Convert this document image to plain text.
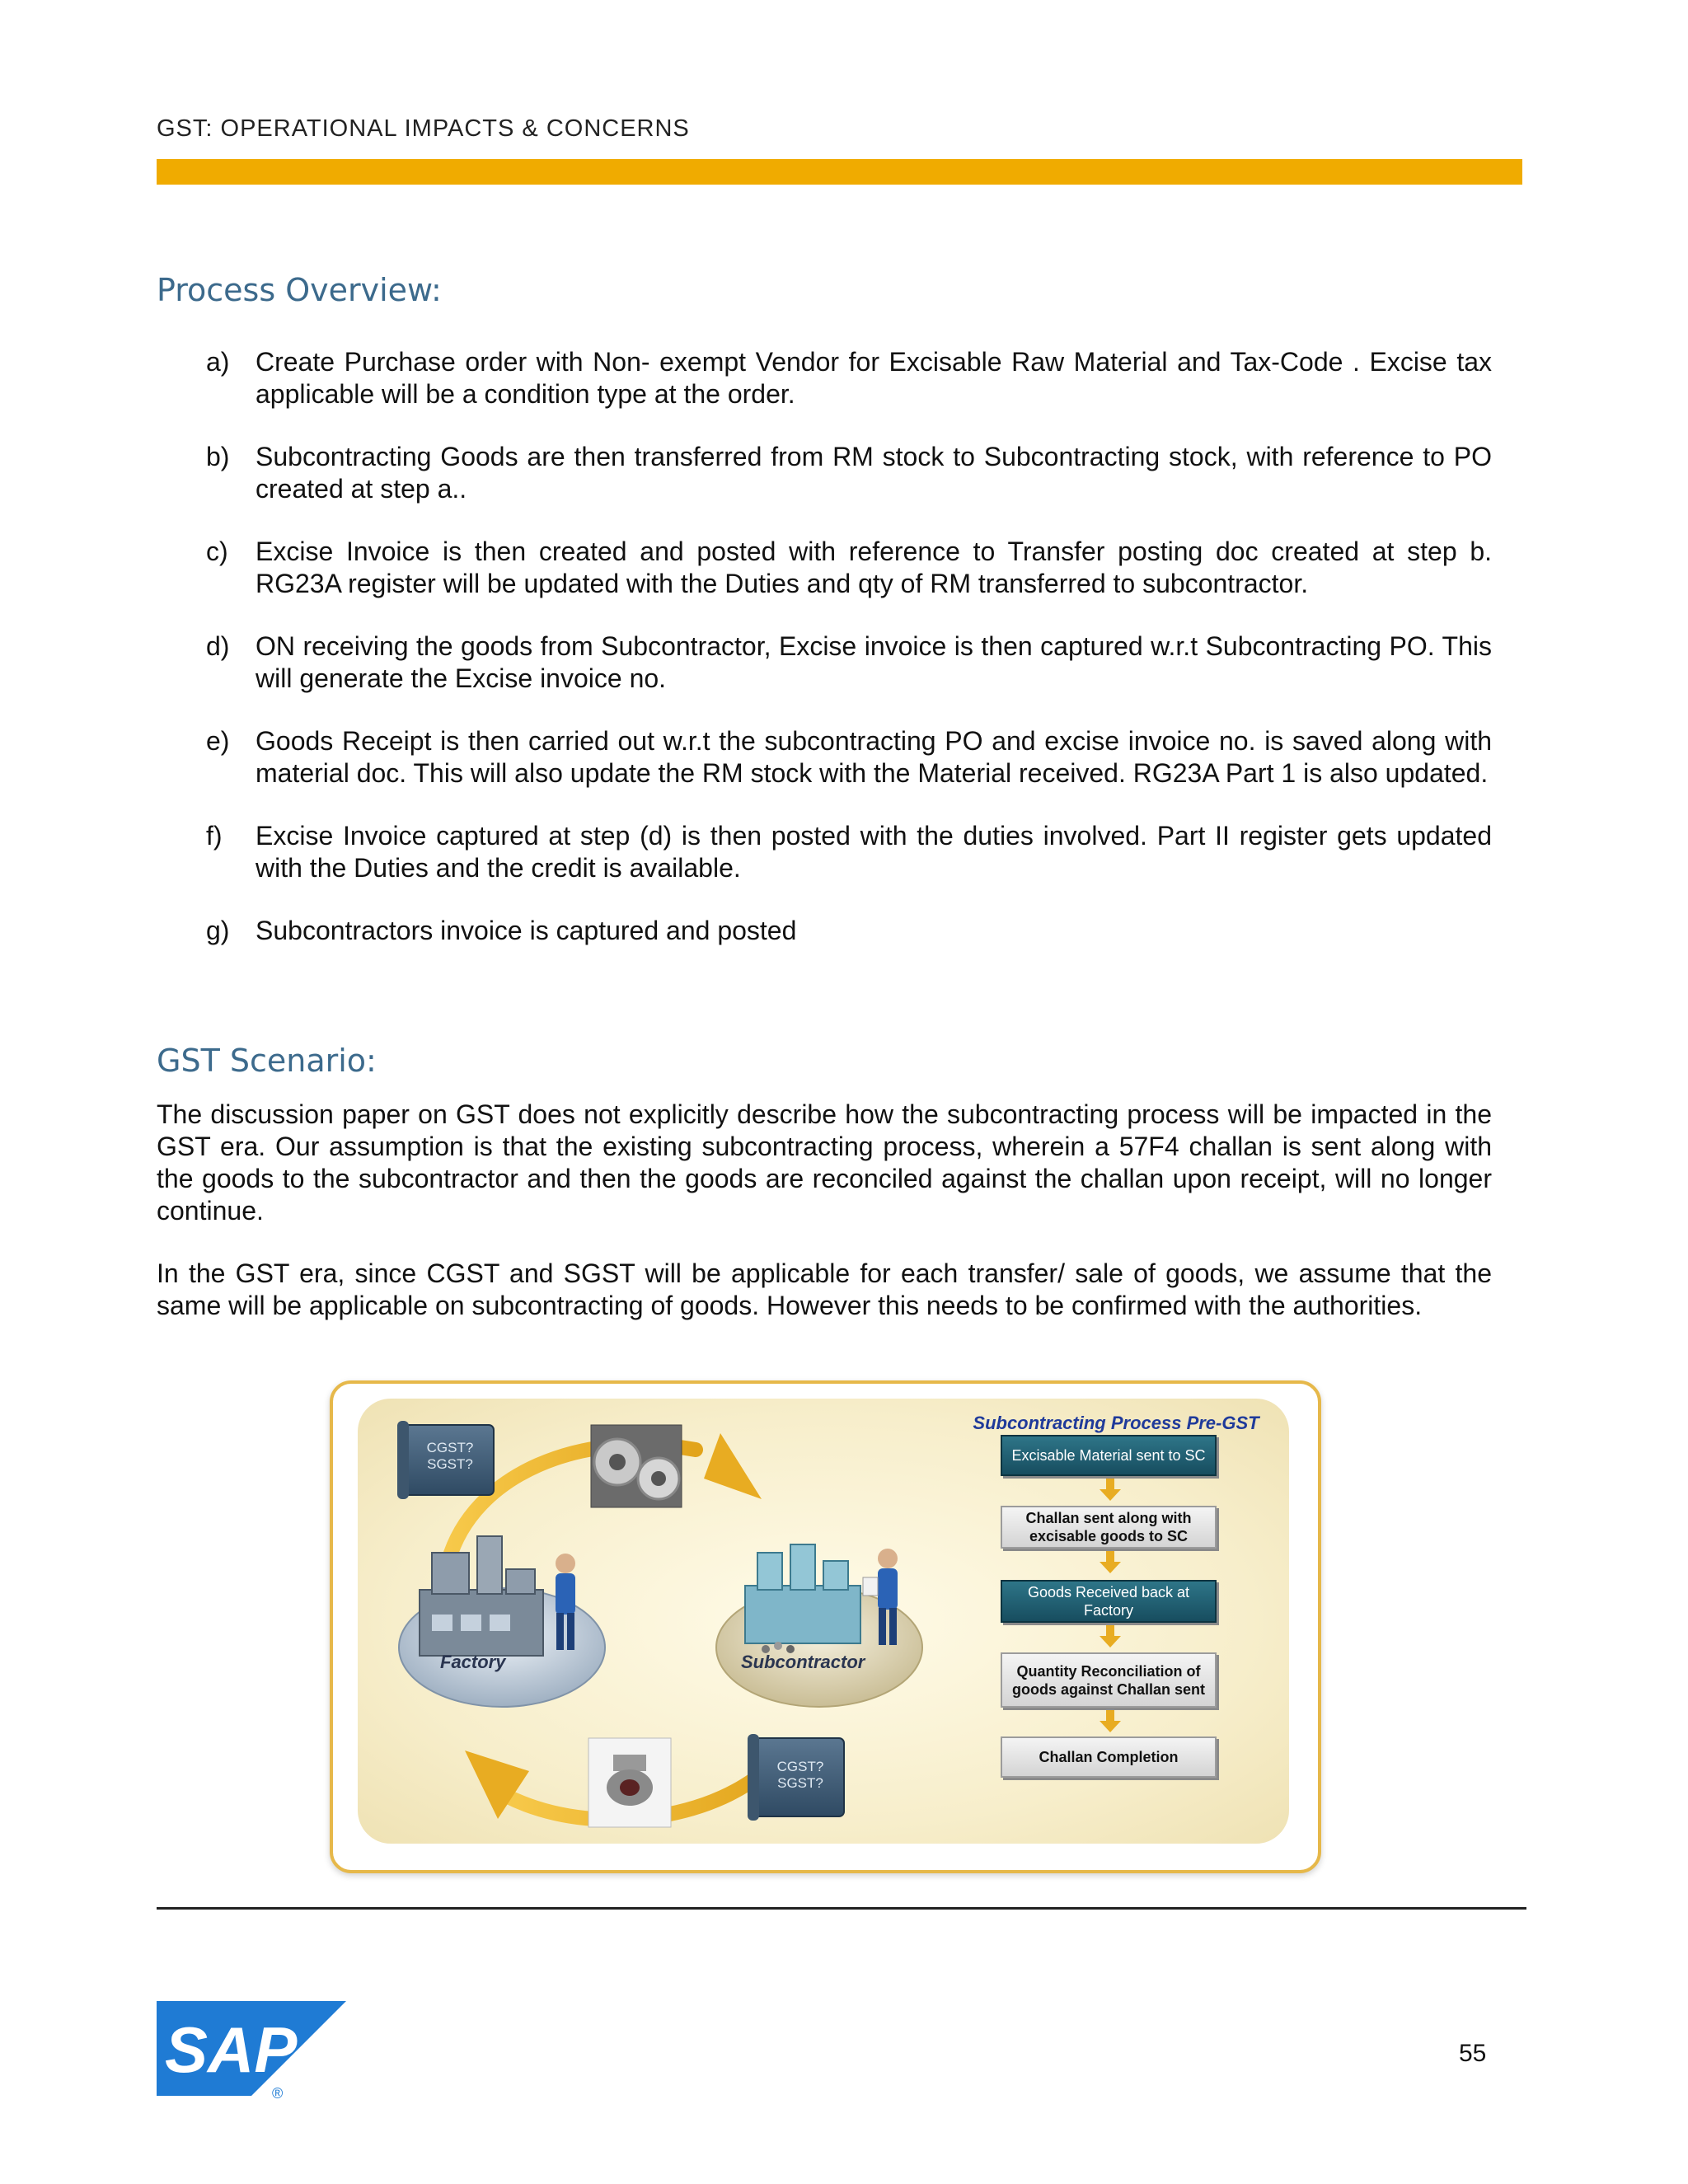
GST: OPERATIONAL IMPACTS & CONCERNS
Process Overview:
a) Create Purchase order with Non- exempt Vendor for Excisable Raw Material and Tax-Code . Excise tax applicable will be a condition type at the order.
b) Subcontracting Goods are then transferred from RM stock to Subcontracting stock, with reference to PO created at step a..
c) Excise Invoice is then created and posted with reference to Transfer posting doc created at step b. RG23A register will be updated with the Duties and qty of RM transferred to subcontractor.
d) ON receiving the goods from Subcontractor, Excise invoice is then captured w.r.t Subcontracting PO. This will generate the Excise invoice no.
e) Goods Receipt is then carried out w.r.t the subcontracting PO and excise invoice no. is saved along with material doc. This will also update the RM stock with the Material received. RG23A Part 1 is also updated.
f) Excise Invoice captured at step (d) is then posted with the duties involved. Part II register gets updated with the Duties and the credit is available.
g) Subcontractors invoice is captured and posted
GST Scenario:

The discussion paper on GST does not explicitly describe how the subcontracting process will be impacted in the GST era. Our assumption is that the existing subcontracting process, wherein a 57F4 challan is sent along with the goods to the subcontractor and then the goods are reconciled against the challan upon receipt, will no longer continue.

In the GST era, since CGST and SGST will be applicable for each transfer/ sale of goods, we assume that the same will be applicable on subcontracting of goods. However this needs to be confirmed with the authorities.

CGST?
SGST?
CGST?
SGST?
Factory	Subcontractor
Subcontracting Process Pre-GST
Excisable Material sent to SC
Challan sent along with excisable goods to SC
Goods Received back at Factory
Quantity Reconciliation of goods against Challan sent
Challan Completion
SAP
®
55
